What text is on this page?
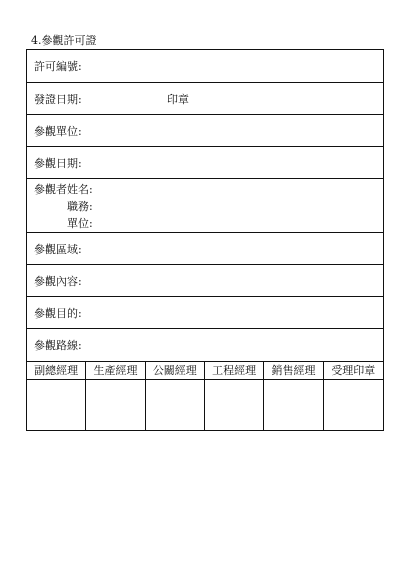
4.參觀許可證
許可編號:
發證日期:	印章
參觀單位:
參觀日期:
參觀者姓名:
職務:
單位:
參觀區域:
參觀內容:
參觀目的:
參觀路線:
副總經理	生產經理	公關經理	工程經理	銷售經理	受理印章
